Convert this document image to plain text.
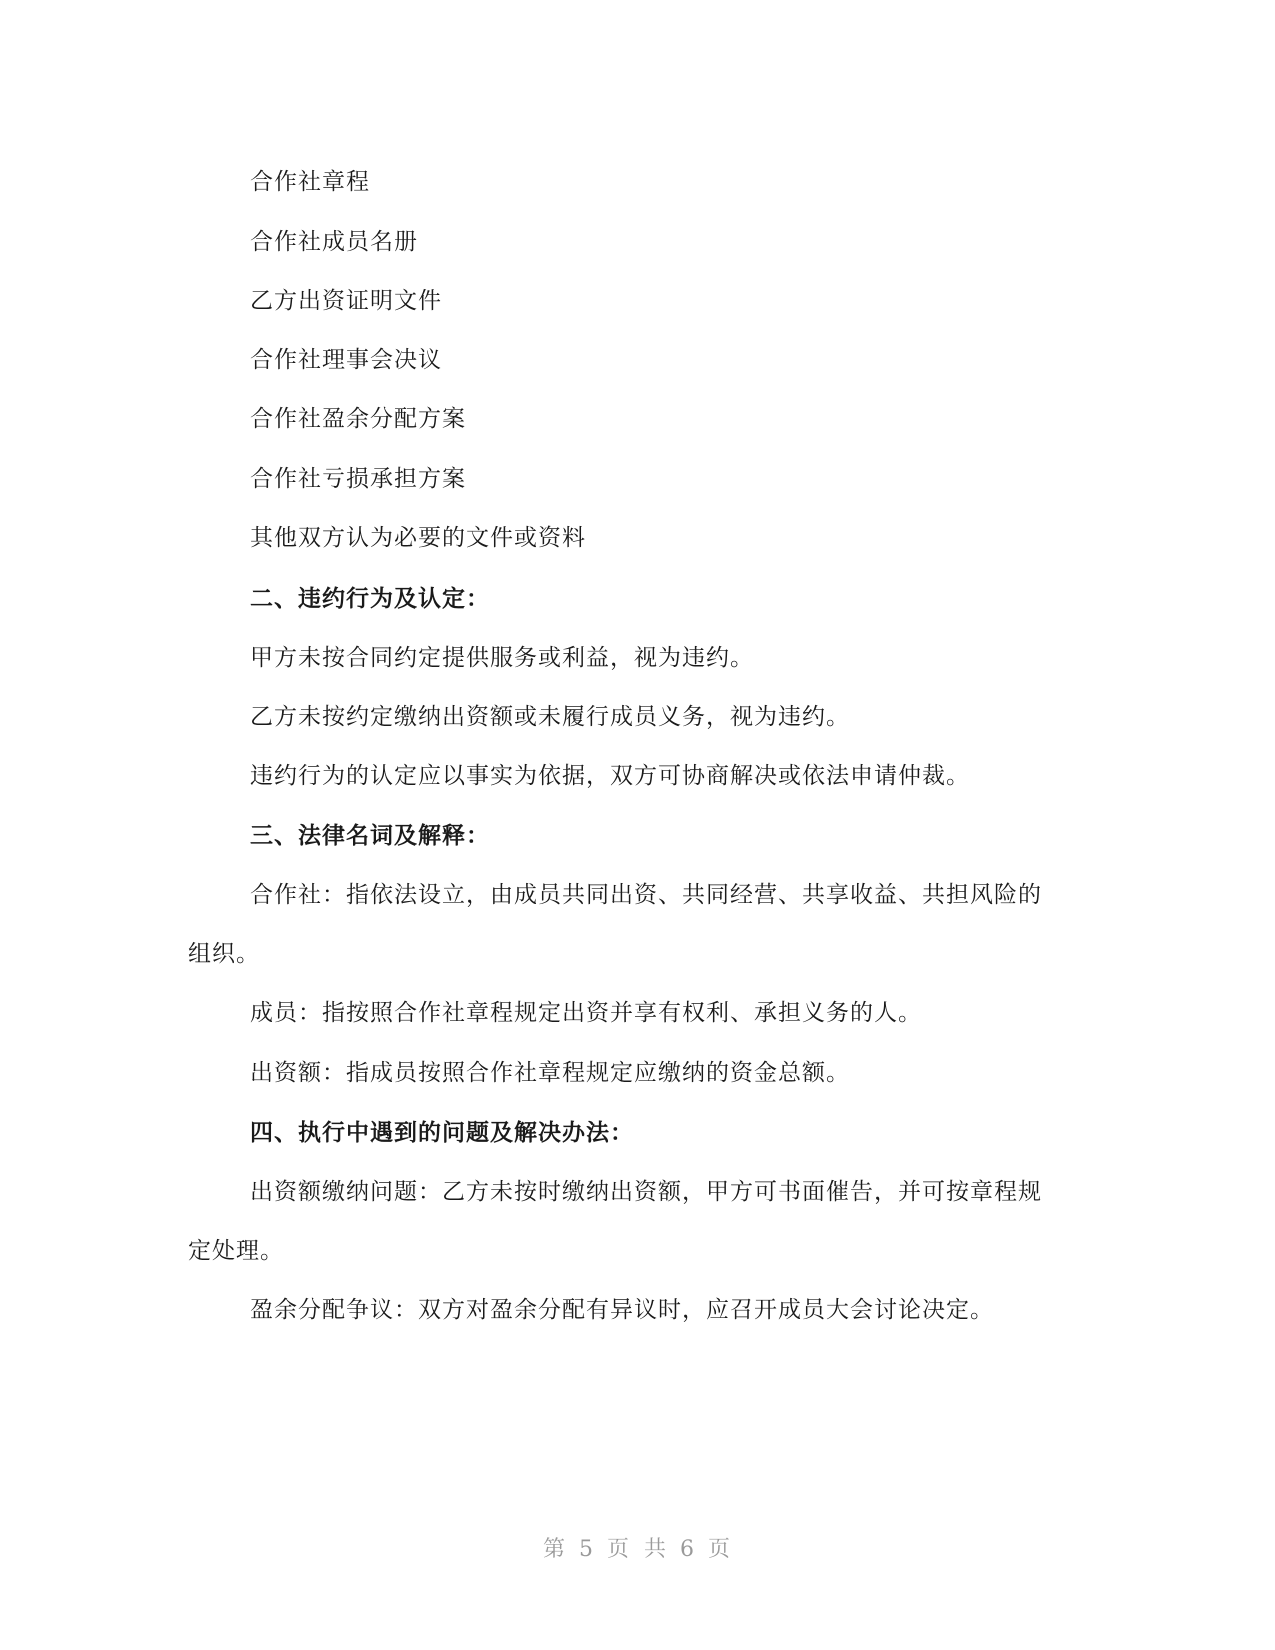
合作社章程
合作社成员名册
乙方出资证明文件
合作社理事会决议
合作社盈余分配方案
合作社亏损承担方案
其他双方认为必要的文件或资料
二、违约行为及认定：
甲方未按合同约定提供服务或利益，视为违约。
乙方未按约定缴纳出资额或未履行成员义务，视为违约。
违约行为的认定应以事实为依据，双方可协商解决或依法申请仲裁。
三、法律名词及解释：
合作社：指依法设立，由成员共同出资、共同经营、共享收益、共担风险的
组织。
成员：指按照合作社章程规定出资并享有权利、承担义务的人。
出资额：指成员按照合作社章程规定应缴纳的资金总额。
四、执行中遇到的问题及解决办法：
出资额缴纳问题：乙方未按时缴纳出资额，甲方可书面催告，并可按章程规
定处理。
盈余分配争议：双方对盈余分配有异议时，应召开成员大会讨论决定。
第 5 页 共 6 页
